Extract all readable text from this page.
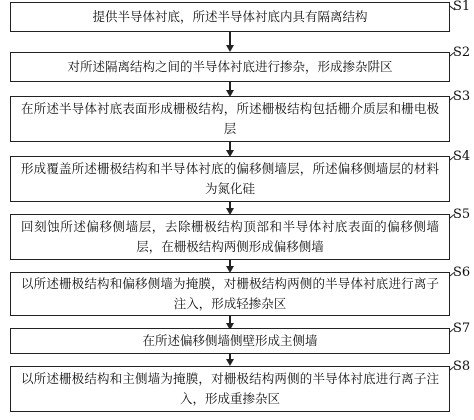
提供半导体衬底，所述半导体衬底内具有隔离结构
S1
对所述隔离结构之间的半导体衬底进行掺杂，形成掺杂阱区
S2
在所述半导体衬底表面形成栅极结构，所述栅极结构包括栅介质层和栅电极层
S3
形成覆盖所述栅极结构和半导体衬底的偏移侧墙层，所述偏移侧墙层的材料为氮化硅
S4
回刻蚀所述偏移侧墙层，去除栅极结构顶部和半导体衬底表面的偏移侧墙层，在栅极结构两侧形成偏移侧墙
S5
以所述栅极结构和偏移侧墙为掩膜，对栅极结构两侧的半导体衬底进行离子注入，形成轻掺杂区
S6
在所述偏移侧墙侧壁形成主侧墙
S7
以所述栅极结构和主侧墙为掩膜，对栅极结构两侧的半导体衬底进行离子注入，形成重掺杂区
S8
